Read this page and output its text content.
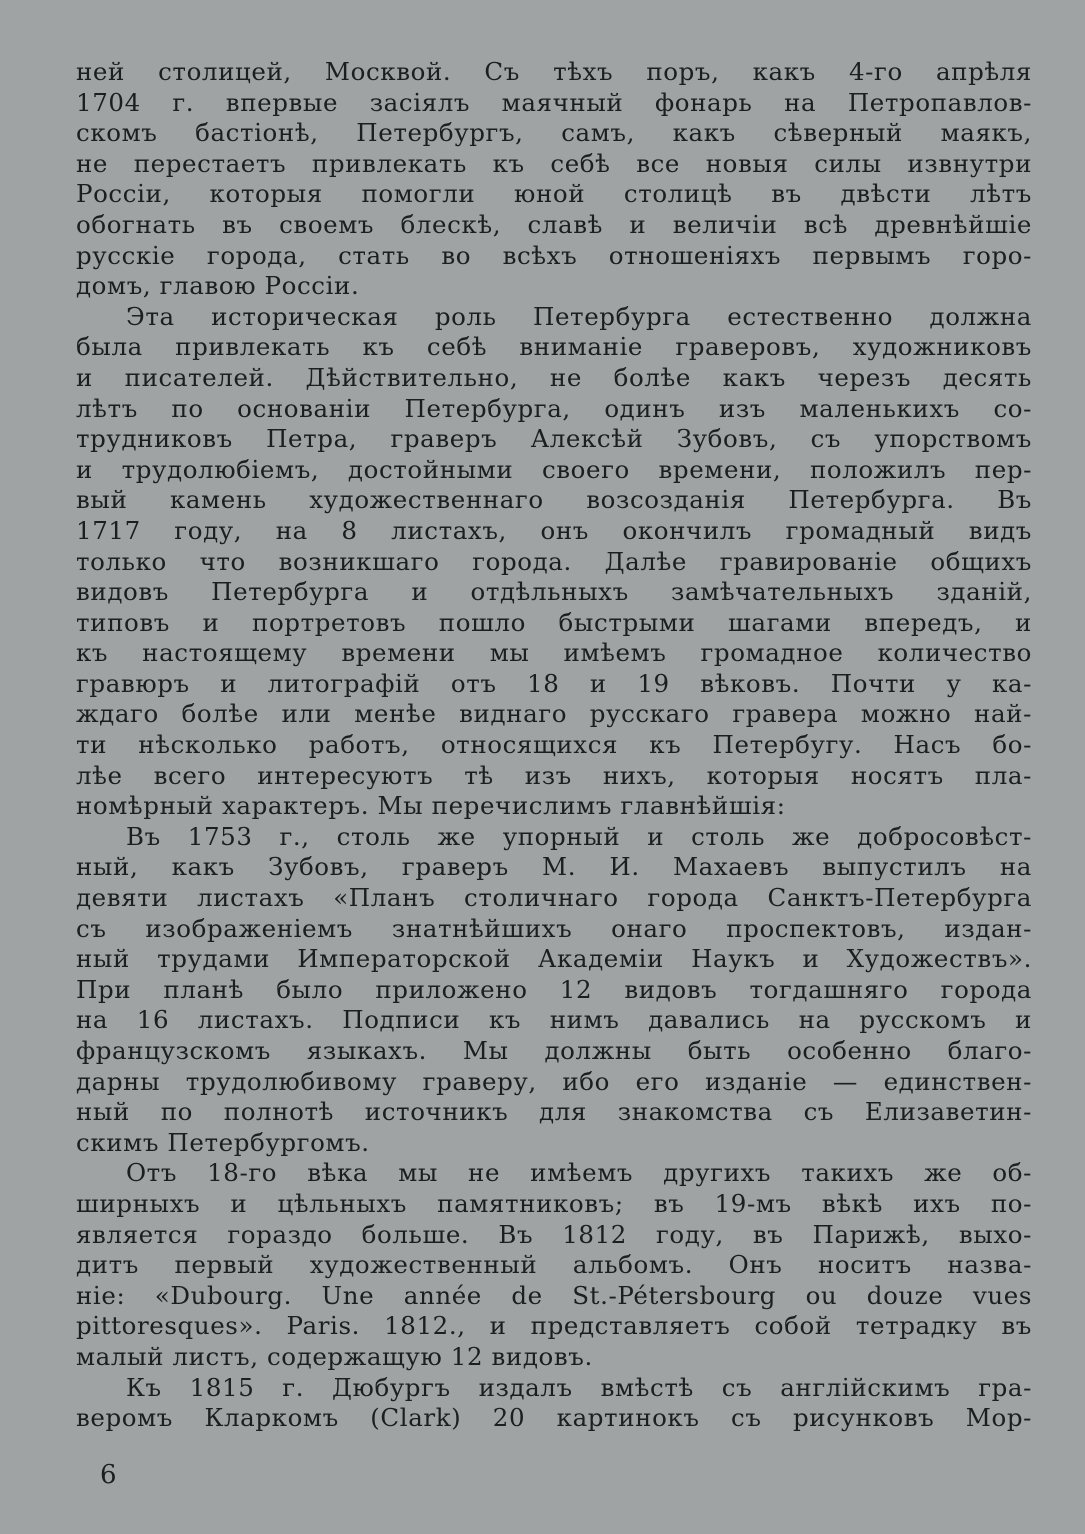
ней столицей, Москвой. Съ тѣхъ поръ, какъ 4-го апрѣля
1704 г. впервые засіялъ маячный фонарь на Петропавлов-
скомъ бастіонѣ, Петербургъ, самъ, какъ сѣверный маякъ,
не перестаетъ привлекать къ себѣ все новыя силы извнутри
Россіи, которыя помогли юной столицѣ въ двѣсти лѣтъ
обогнать въ своемъ блескѣ, славѣ и величіи всѣ древнѣйшіе
русскіе города, стать во всѣхъ отношеніяхъ первымъ горо-
домъ, главою Россіи.
Эта историческая роль Петербурга естественно должна
была привлекать къ себѣ вниманіе граверовъ, художниковъ
и писателей. Дѣйствительно, не болѣе какъ черезъ десять
лѣтъ по основаніи Петербурга, одинъ изъ маленькихъ со-
трудниковъ Петра, граверъ Алексѣй Зубовъ, съ упорствомъ
и трудолюбіемъ, достойными своего времени, положилъ пер-
вый камень художественнаго возсозданія Петербурга. Въ
1717 году, на 8 листахъ, онъ окончилъ громадный видъ
только что возникшаго города. Далѣе гравированіе общихъ
видовъ Петербурга и отдѣльныхъ замѣчательныхъ зданій,
типовъ и портретовъ пошло быстрыми шагами впередъ, и
къ настоящему времени мы имѣемъ громадное количество
гравюръ и литографій отъ 18 и 19 вѣковъ. Почти у ка-
ждаго болѣе или менѣе виднаго русскаго гравера можно най-
ти нѣсколько работъ, относящихся къ Петербугу. Насъ бо-
лѣе всего интересуютъ тѣ изъ нихъ, которыя носятъ пла-
номѣрный характеръ. Мы перечислимъ главнѣйшія:
Въ 1753 г., столь же упорный и столь же добросовѣст-
ный, какъ Зубовъ, граверъ М. И. Махаевъ выпустилъ на
девяти листахъ «Планъ столичнаго города Санктъ-Петербурга
съ изображеніемъ знатнѣйшихъ онаго проспектовъ, издан-
ный трудами Императорской Академіи Наукъ и Художествъ».
При планѣ было приложено 12 видовъ тогдашняго города
на 16 листахъ. Подписи къ нимъ давались на русскомъ и
французскомъ языкахъ. Мы должны быть особенно благо-
дарны трудолюбивому граверу, ибо его изданіе — единствен-
ный по полнотѣ источникъ для знакомства съ Елизаветин-
скимъ Петербургомъ.
Отъ 18-го вѣка мы не имѣемъ другихъ такихъ же об-
ширныхъ и цѣльныхъ памятниковъ; въ 19-мъ вѣкѣ ихъ по-
является гораздо больше. Въ 1812 году, въ Парижѣ, выхо-
дитъ первый художественный альбомъ. Онъ носитъ назва-
ніе: «Dubourg. Une année de St.-Pétersbourg ou douze vues
pittoresques». Paris. 1812., и представляетъ собой тетрадку въ
малый листъ, содержащую 12 видовъ.
Къ 1815 г. Дюбургъ издалъ вмѣстѣ съ англійскимъ гра-
веромъ Кларкомъ (Clark) 20 картинокъ съ рисунковъ Мор-
6
